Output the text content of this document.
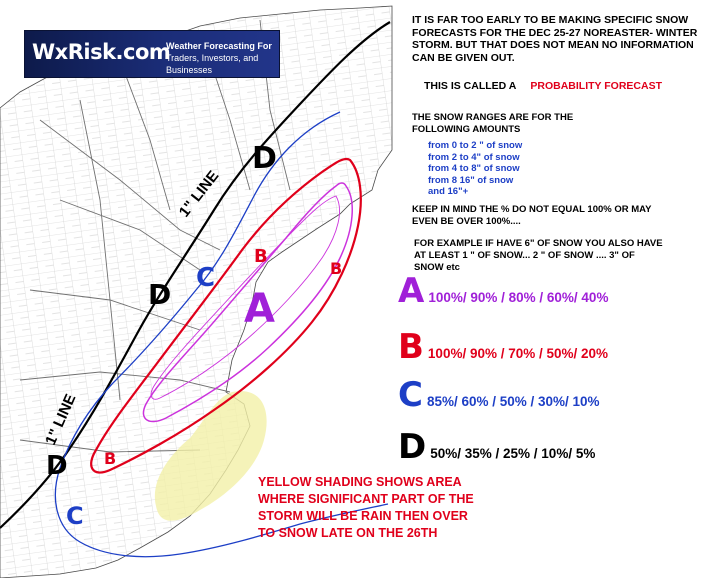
1" LINE
1" LINE
D
C
D
B
B
A
B
D
C
WxRisk.com
Weather Forecasting For
Traders, Investors, and Businesses
IT IS FAR TOO EARLY TO BE MAKING SPECIFIC SNOW FORECASTS FOR THE DEC 25-27 NOREASTER- WINTER STORM. BUT THAT DOES NOT MEAN NO INFORMATION CAN BE GIVEN OUT.
THIS IS CALLED A PROBABILITY FORECAST
THE SNOW RANGES ARE FOR THE FOLLOWING AMOUNTS
from 0 to 2 " of snow
from 2 to 4" of snow
from 4 to 8" of snow
from 8 16" of snow
and 16"+
KEEP IN MIND THE % DO NOT EQUAL 100% OR MAY EVEN BE OVER 100%....
FOR EXAMPLE IF HAVE 6" OF SNOW YOU ALSO HAVE AT LEAST 1 " OF SNOW... 2 " OF SNOW .... 3" OF SNOW etc
A 100%/ 90% / 80% / 60%/ 40%
B 100%/ 90% / 70% / 50%/ 20%
C 85%/ 60% / 50% / 30%/ 10%
D 50%/ 35% / 25% / 10%/ 5%
YELLOW SHADING SHOWS AREA WHERE SIGNIFICANT PART OF THE STORM WILL BE RAIN THEN OVER TO SNOW LATE ON THE 26TH
